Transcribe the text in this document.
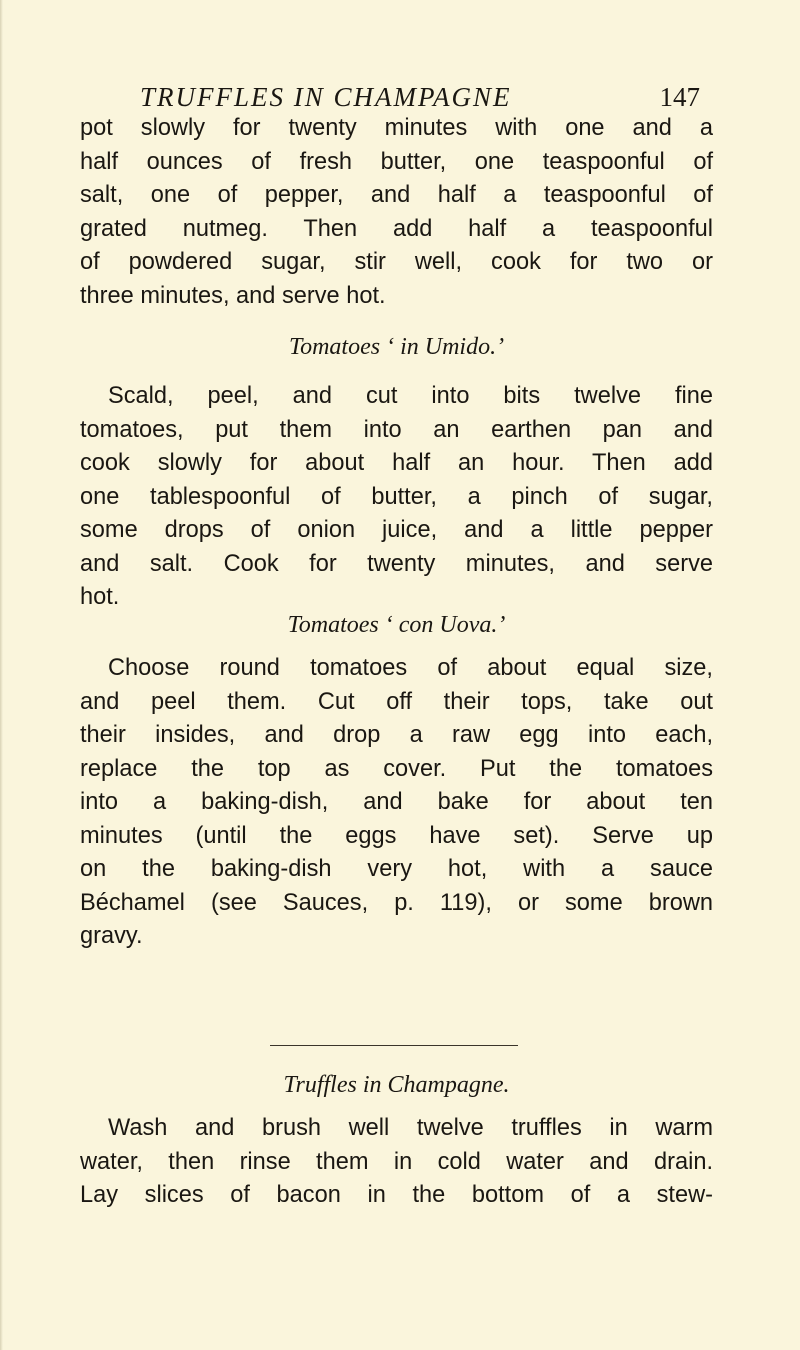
TRUFFLES IN CHAMPAGNE	147
pot slowly for twenty minutes with one and a
half ounces of fresh butter, one teaspoonful of
salt, one of pepper, and half a teaspoonful of
grated nutmeg. Then add half a teaspoonful
of powdered sugar, stir well, cook for two or
three minutes, and serve hot.
Tomatoes ‘ in Umido.’
Scald, peel, and cut into bits twelve fine
tomatoes, put them into an earthen pan and
cook slowly for about half an hour. Then add
one tablespoonful of butter, a pinch of sugar,
some drops of onion juice, and a little pepper
and salt. Cook for twenty minutes, and serve
hot.
Tomatoes ‘ con Uova.’
Choose round tomatoes of about equal size,
and peel them. Cut off their tops, take out
their insides, and drop a raw egg into each,
replace the top as cover. Put the tomatoes
into a baking-dish, and bake for about ten
minutes (until the eggs have set). Serve up
on the baking-dish very hot, with a sauce
Béchamel (see Sauces, p. 119), or some brown
gravy.
Truffles in Champagne.
Wash and brush well twelve truffles in warm
water, then rinse them in cold water and drain.
Lay slices of bacon in the bottom of a stew-
